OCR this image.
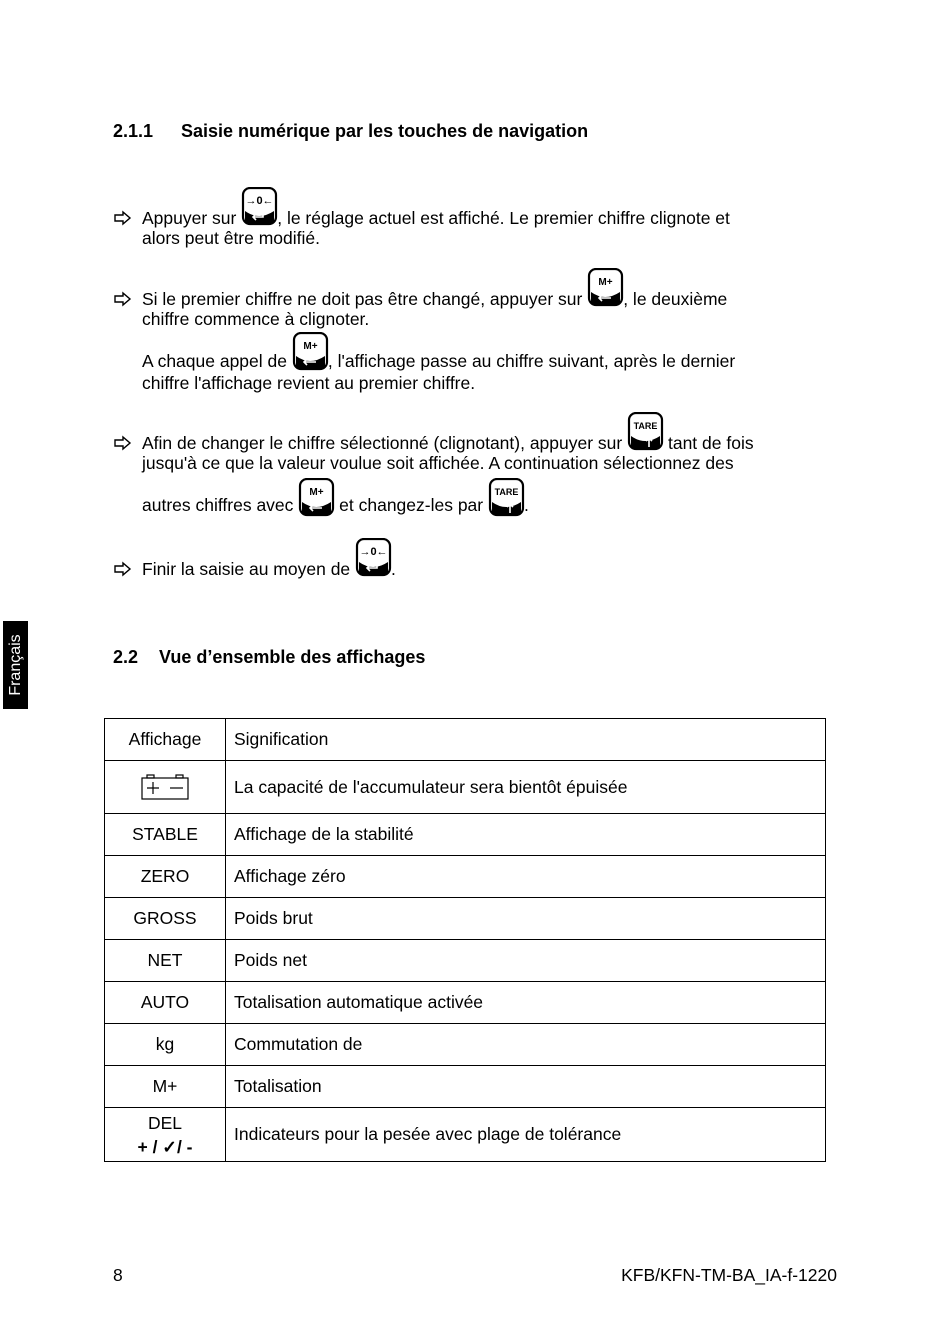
Français
2.1.1 Saisie numérique par les touches de navigation
Appuyer sur
→0←
, le réglage actuel est affiché. Le premier chiffre clignote et
alors peut être modifié.
Si le premier chiffre ne doit pas être changé, appuyer sur
M+
, le deuxième
chiffre commence à clignoter.
A chaque appel de
M+
, l'affichage passe au chiffre suivant, après le dernier
chiffre l'affichage revient au premier chiffre.
Afin de changer le chiffre sélectionné (clignotant), appuyer sur
TARE
tant de fois
jusqu'à ce que la valeur voulue soit affichée. A continuation sélectionnez des
autres chiffres avec
M+
et changez-les par
TARE
.
Finir la saisie au moyen de
→0←
.
2.2 Vue d’ensemble des affichages
Affichage	Signification

	La capacité de l'accumulateur sera bientôt épuisée
STABLE	Affichage de la stabilité
ZERO	Affichage zéro
GROSS	Poids brut
NET	Poids net
AUTO	Totalisation automatique activée
kg	Commutation de
M+	Totalisation

DEL
+ / ✓/ -	Indicateurs pour la pesée avec plage de tolérance
8	KFB/KFN-TM-BA_IA-f-1220
